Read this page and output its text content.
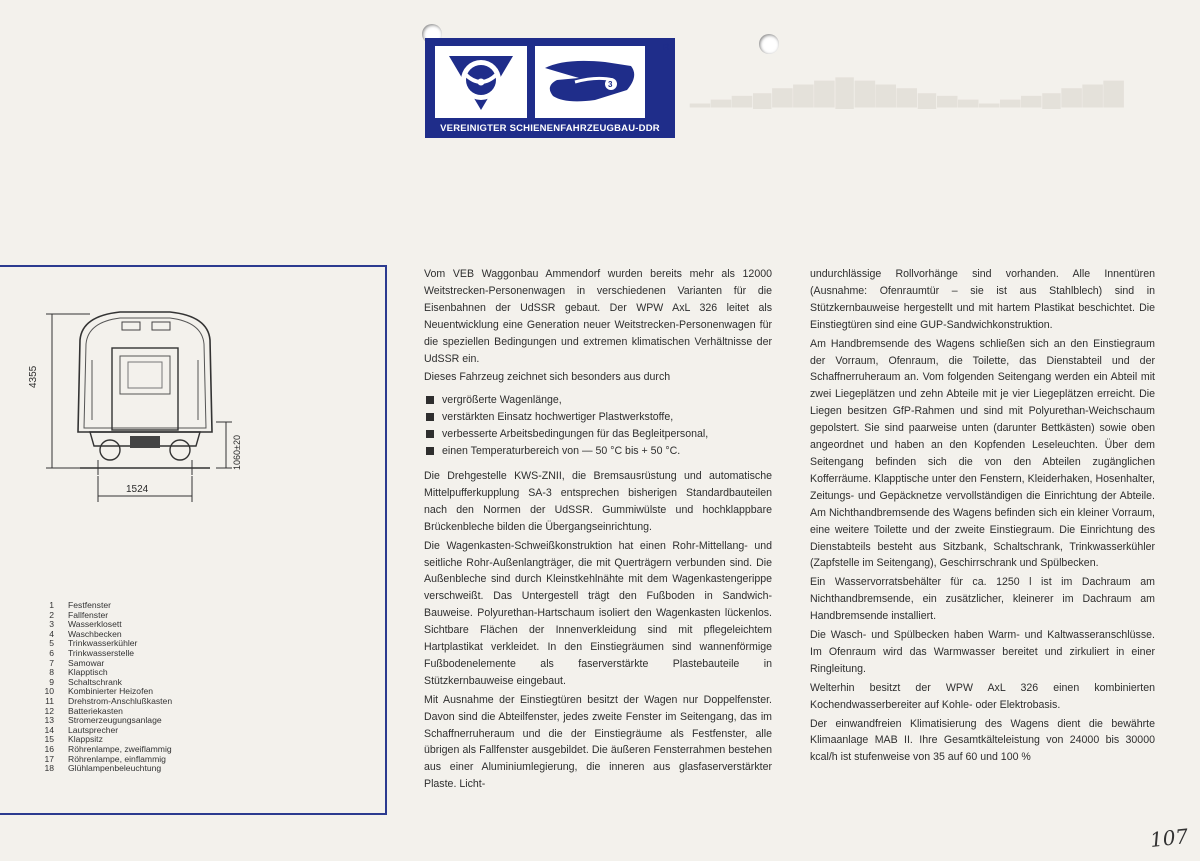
▁▂▃▄▅▆▇█▇▆▅▄▃▂▁▂▃▄▅▆▇
3
R
VEREINIGTER SCHIENENFAHRZEUGBAU-DDR
4355
1060±20
1524
1 Festfenster
2 Fallfenster
3 Wasserklosett
4 Waschbecken
5 Trinkwasserkühler
6 Trinkwasserstelle
7 Samowar
8 Klapptisch
9 Schaltschrank
10 Kombinierter Heizofen
11 Drehstrom-Anschlußkasten
12 Batteriekasten
13 Stromerzeugungsanlage
14 Lautsprecher
15 Klappsitz
16 Röhrenlampe, zweiflammig
17 Röhrenlampe, einflammig
18 Glühlampenbeleuchtung

Vom VEB Waggonbau Ammendorf wurden bereits mehr als 12000 Weitstrecken-Personenwagen in verschiedenen Varianten für die Eisenbahnen der UdSSR gebaut. Der WPW AxL 326 leitet als Neuentwicklung eine Generation neuer Weitstrecken-Personenwagen für die speziellen Bedingungen und extremen klimatischen Verhältnisse der UdSSR ein.

Dieses Fahrzeug zeichnet sich besonders aus durch

vergrößerte Wagenlänge,
verstärkten Einsatz hochwertiger Plastwerkstoffe,
verbesserte Arbeitsbedingungen für das Begleitpersonal,
einen Temperaturbereich von — 50 °C bis + 50 °C.

Die Drehgestelle KWS-ZNII, die Bremsausrüstung und automatische Mittelpufferkupplung SA-3 entsprechen bisherigen Standardbauteilen nach den Normen der UdSSR. Gummiwülste und hochklappbare Brückenbleche bilden die Übergangseinrichtung.

Die Wagenkasten-Schweißkonstruktion hat einen Rohr-Mittellang- und seitliche Rohr-Außenlangträger, die mit Querträgern verbunden sind. Die Außenbleche sind durch Kleinstkehlnähte mit dem Wagenkastengerippe verschweißt. Das Untergestell trägt den Fußboden in Sandwich-Bauweise. Polyurethan-Hartschaum isoliert den Wagenkasten lückenlos. Sichtbare Flächen der Innenverkleidung sind mit pflegeleichtem Hartplastikat verkleidet. In den Einstiegräumen sind wannenförmige Fußbodenelemente als faserverstärkte Plastebauteile in Stützkernbauweise eingebaut.

Mit Ausnahme der Einstiegtüren besitzt der Wagen nur Doppelfenster. Davon sind die Abteilfenster, jedes zweite Fenster im Seitengang, das im Schaffnerruheraum und die der Einstiegräume als Festfenster, alle übrigen als Fallfenster ausgebildet. Die äußeren Fensterrahmen bestehen aus einer Aluminiumlegierung, die inneren aus glasfaserverstärkter Plaste. Licht-

undurchlässige Rollvorhänge sind vorhanden. Alle Innentüren (Ausnahme: Ofenraumtür – sie ist aus Stahlblech) sind in Stützkernbauweise hergestellt und mit hartem Plastikat beschichtet. Die Einstiegtüren sind eine GUP-Sandwichkonstruktion.

Am Handbremsende des Wagens schließen sich an den Einstiegraum der Vorraum, Ofenraum, die Toilette, das Dienstabteil und der Schaffnerruheraum an. Vom folgenden Seitengang werden ein Abteil mit zwei Liegeplätzen und zehn Abteile mit je vier Liegeplätzen erreicht. Die Liegen besitzen GfP-Rahmen und sind mit Polyurethan-Weichschaum gepolstert. Sie sind paarweise unten (darunter Bettkästen) sowie oben angeordnet und haben an den Kopfenden Leseleuchten. Über dem Seitengang befinden sich die von den Abteilen zugänglichen Kofferräume. Klapptische unter den Fenstern, Kleiderhaken, Hosenhalter, Zeitungs- und Gepäcknetze vervollständigen die Einrichtung der Abteile. Am Nichthandbremsende des Wagens befinden sich ein kleiner Vorraum, eine weitere Toilette und der zweite Einstiegraum. Die Einrichtung des Dienstabteils besteht aus Sitzbank, Schaltschrank, Trinkwasserkühler (Zapfstelle im Seitengang), Geschirrschrank und Spülbecken.

Ein Wasservorratsbehälter für ca. 1250 l ist im Dachraum am Nichthandbremsende, ein zusätzlicher, kleinerer im Dachraum am Handbremsende installiert.

Die Wasch- und Spülbecken haben Warm- und Kaltwasseranschlüsse. Im Ofenraum wird das Warmwasser bereitet und zirkuliert in einer Ringleitung.

Welterhin besitzt der WPW AxL 326 einen kombinierten Kochendwasserbereiter auf Kohle- oder Elektrobasis.

Der einwandfreien Klimatisierung des Wagens dient die bewährte Klimaanlage MAB II. Ihre Gesamtkälteleistung von 24000 bis 30000 kcal/h ist stufenweise von 35 auf 60 und 100 %

107
